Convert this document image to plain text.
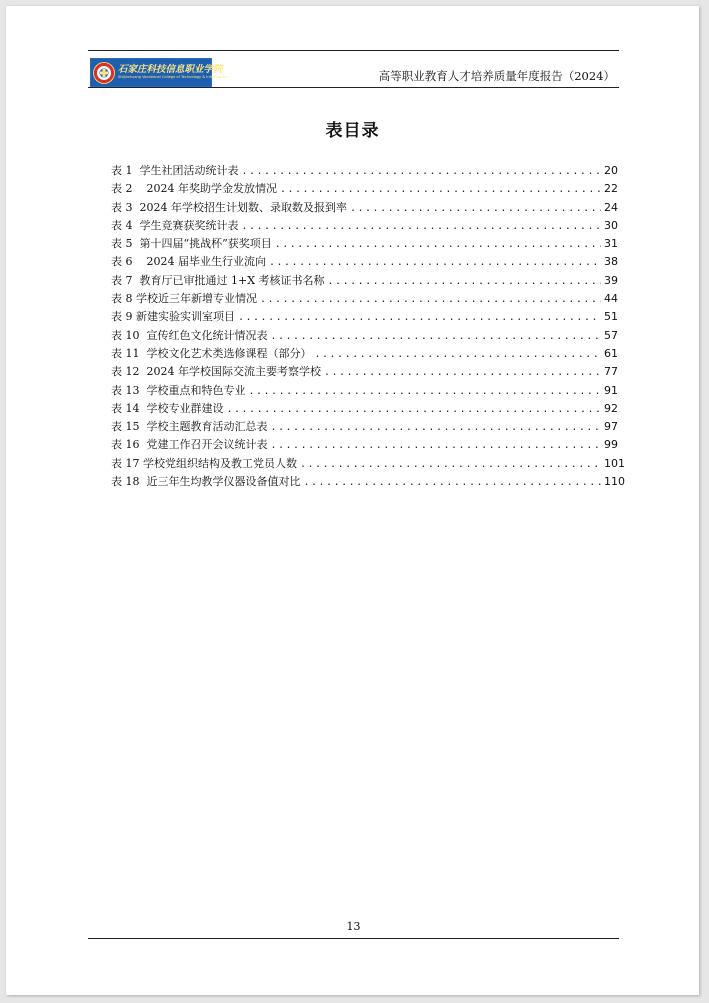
石家庄科技信息职业学院
Shijiazhuang Vocational College of Technology & Information	高等职业教育人才培养质量年度报告（2024）
表目录
表 1  学生社团活动统计表 .....	20
表 2    2024 年奖助学金发放情况 .....	22
表 3  2024 年学校招生计划数、录取数及报到率 .....	24
表 4  学生竞赛获奖统计表 .....	30
表 5  第十四届“挑战杯”获奖项目 .....	31
表 6    2024 届毕业生行业流向 .....	38
表 7  教育厅已审批通过 1+X 考核证书名称 .....	39
表 8 学校近三年新增专业情况 .....	44
表 9 新建实验实训室项目 .....	51
表 10  宣传红色文化统计情况表 .....	57
表 11  学校文化艺术类选修课程（部分） .....	61
表 12  2024 年学校国际交流主要考察学校 .....	77
表 13  学校重点和特色专业 .....	91
表 14  学校专业群建设 .....	92
表 15  学校主题教育活动汇总表 .....	97
表 16  党建工作召开会议统计表 .....	99
表 17 学校党组织结构及教工党员人数 .....	101
表 18  近三年生均教学仪器设备值对比 .....	110
13
